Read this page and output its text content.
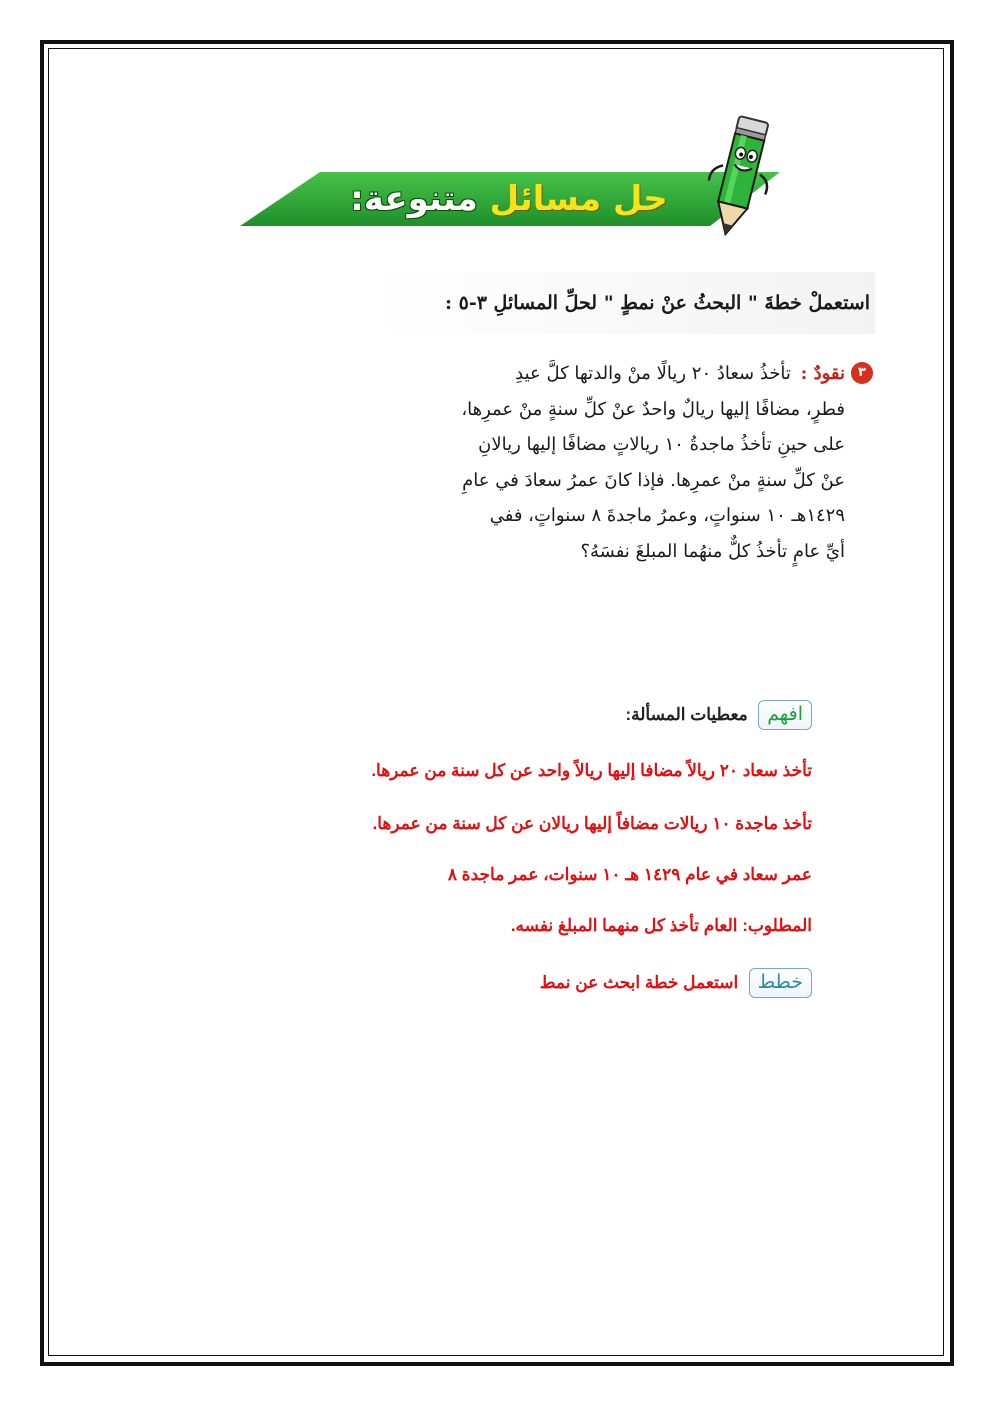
حل مسائل متنوعة:
استعملْ خطةَ " البحثُ عنْ نمطٍ " لحلِّ المسائلِ ٣-٥ :
٣
نقودٌ : تأخذُ سعادُ ٢٠ ريالًا منْ والدتها كلَّ عيدِ
فطرٍ، مضافًا إليها ريالٌ واحدٌ عنْ كلِّ سنةٍ منْ عمرِها،
على حينِ تأخذُ ماجدةُ ١٠ ريالاتٍ مضافًا إليها ريالانِ
عنْ كلِّ سنةٍ منْ عمرِها. فإذا كانَ عمرُ سعادَ في عامِ
١٤٢٩هـ ١٠ سنواتٍ، وعمرُ ماجدةَ ٨ سنواتٍ، ففي
أيِّ عامٍ تأخذُ كلٌّ منهُما المبلغَ نفسَهُ؟
افهم معطيات المسألة:
تأخذ سعاد ٢٠ ريالاً مضافا إليها ريالاً واحد عن كل سنة من عمرها.
تأخذ ماجدة ١٠ ريالات مضافاً إليها ريالان عن كل سنة من عمرها.
عمر سعاد في عام ١٤٢٩ هـ ١٠ سنوات، عمر ماجدة ٨
المطلوب: العام تأخذ كل منهما المبلغ نفسه.
خطط استعمل خطة ابحث عن نمط
